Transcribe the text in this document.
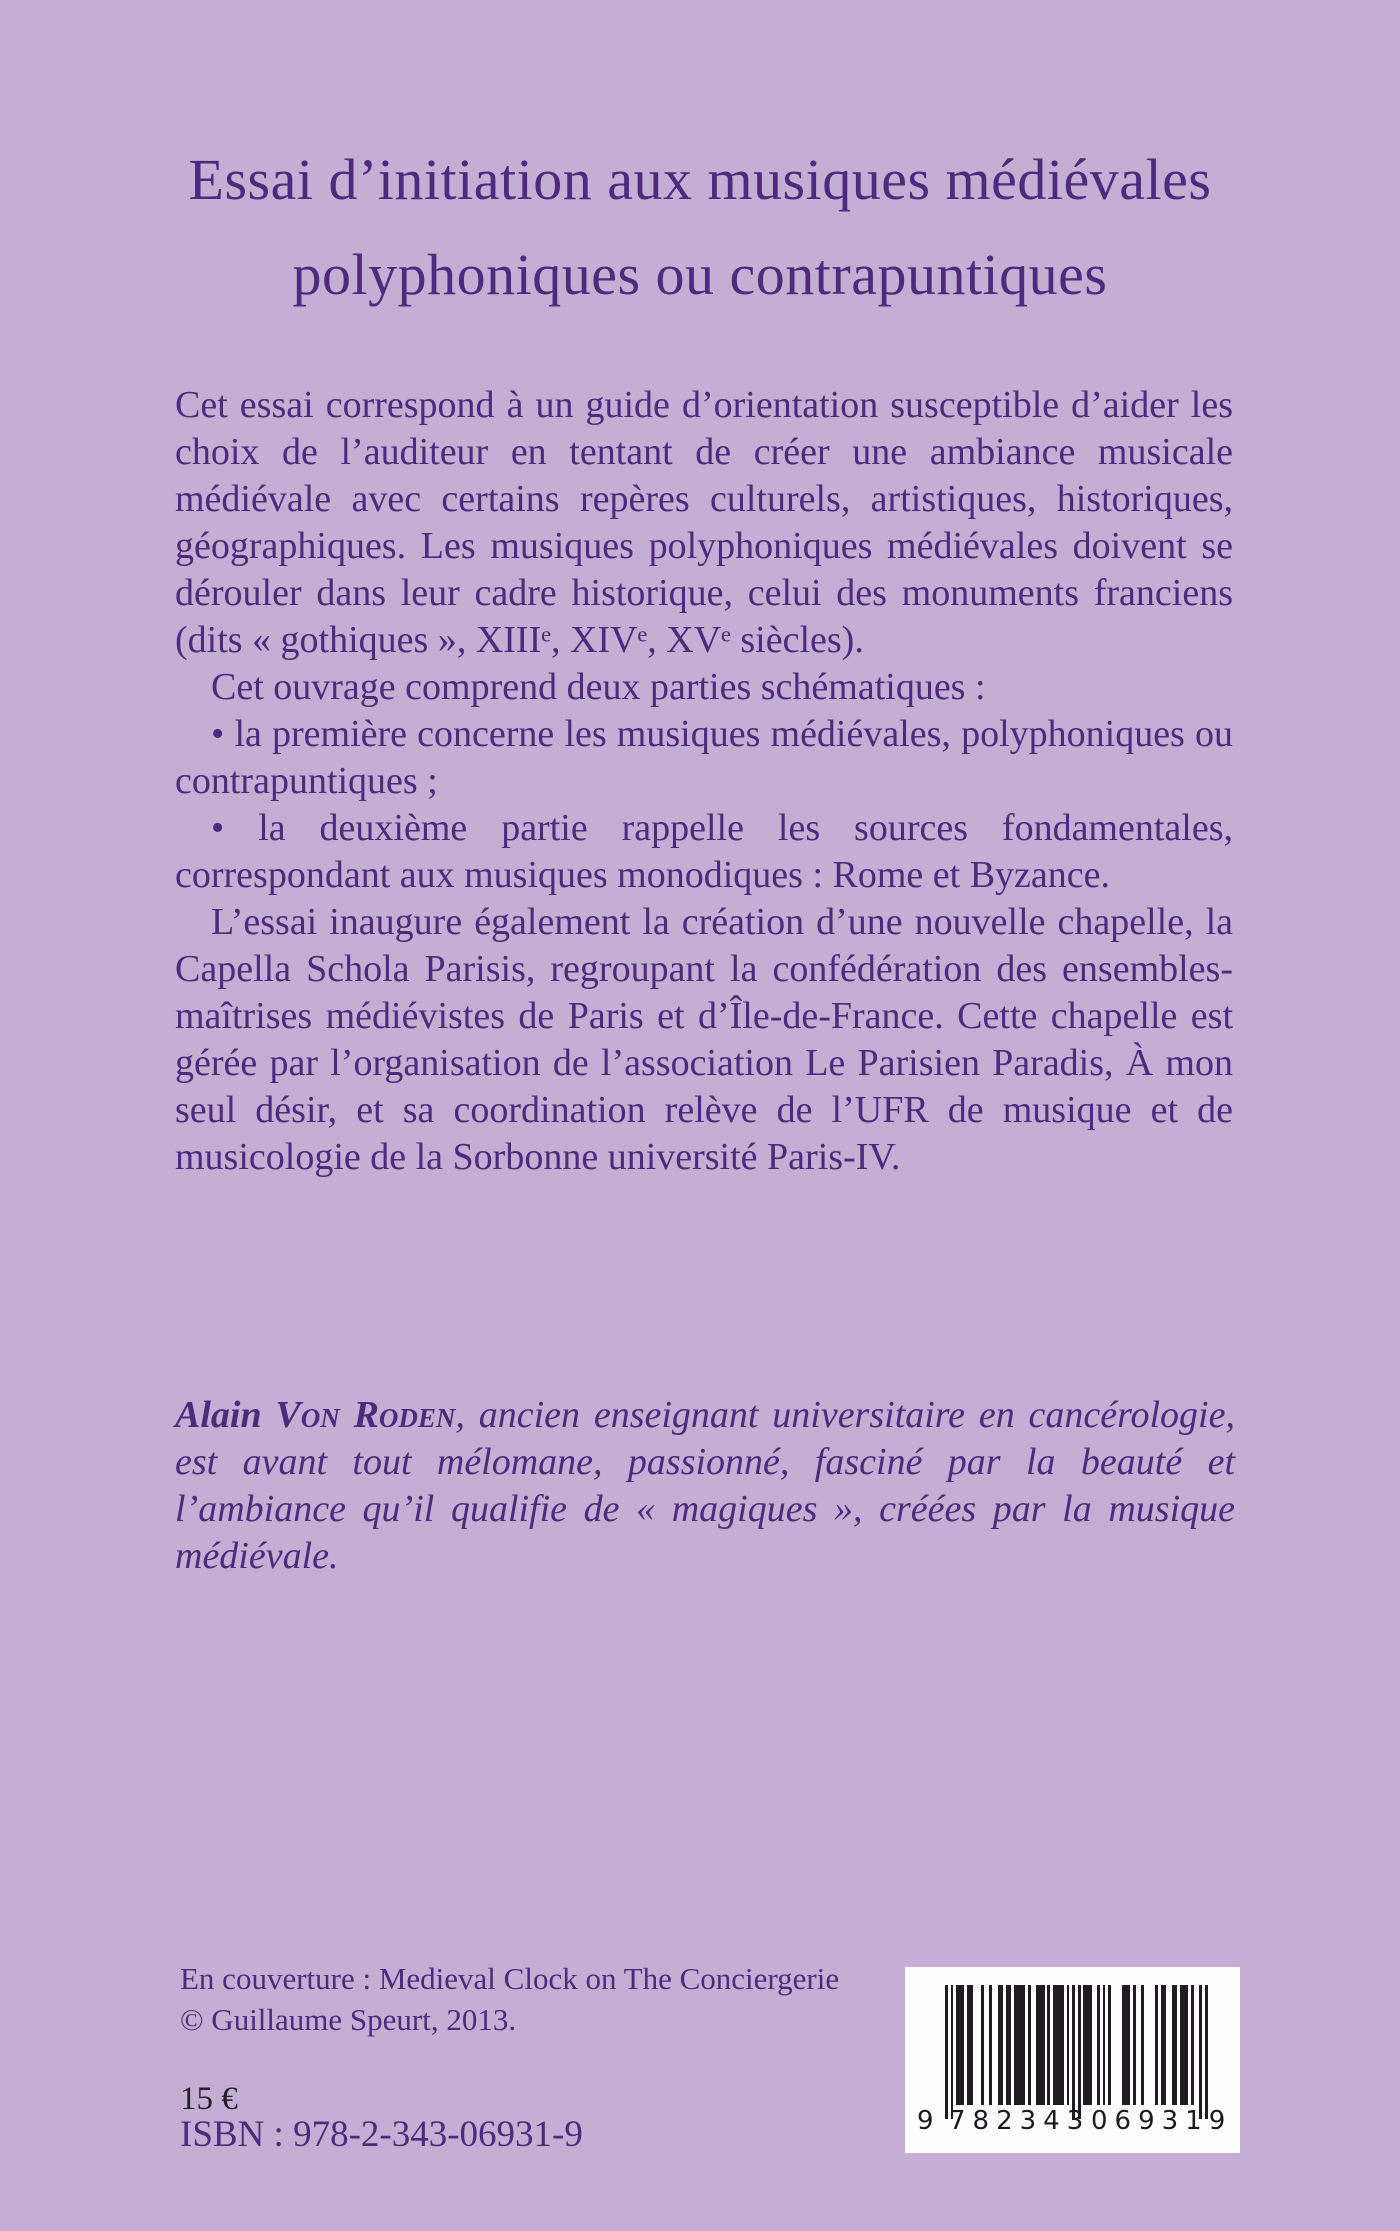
Essai d’initiation aux musiques médiévales
polyphoniques ou contrapuntiques

Cet essai correspond à un guide d’orientation susceptible d’aider les choix de l’auditeur en tentant de créer une ambiance musicale médiévale avec certains repères culturels, artistiques, historiques, géographiques. Les musiques polyphoniques médiévales doivent se dérouler dans leur cadre historique, celui des monuments franciens (dits « gothiques », XIIIᵉ, XIVᵉ, XVᵉ siècles).

Cet ouvrage comprend deux parties schématiques :

• la première concerne les musiques médiévales, polyphoniques ou contrapuntiques ;

• la deuxième partie rappelle les sources fondamentales, correspondant aux musiques monodiques : Rome et Byzance.

L’essai inaugure également la création d’une nouvelle chapelle, la Capella Schola Parisis, regroupant la confédération des ensembles-maîtrises médiévistes de Paris et d’Île-de-France. Cette chapelle est gérée par l’organisation de l’association Le Parisien Paradis, À mon seul désir, et sa coordination relève de l’UFR de musique et de musicologie de la Sorbonne université Paris-IV.

Alain Von Roden, ancien enseignant universitaire en cancérologie, est avant tout mélomane, passionné, fasciné par la beauté et l’ambiance qu’il qualifie de « magiques », créées par la musique médiévale.
En couverture : Medieval Clock on The Conciergerie
© Guillaume Speurt, 2013.
15 €
ISBN : 978-2-343-06931-9	9 782343 069319
